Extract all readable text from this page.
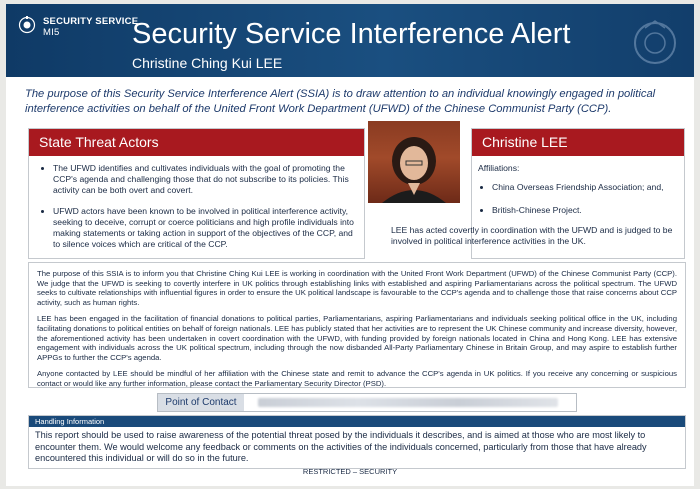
SECURITY SERVICE
MI5	Security Service Interference Alert
Christine Ching Kui LEE
The purpose of this Security Service Interference Alert (SSIA) is to draw attention to an individual knowingly engaged in political interference activities on behalf of the United Front Work Department (UFWD) of the Chinese Communist Party (CCP).
State Threat Actors
• The UFWD identifies and cultivates individuals with the goal of promoting the CCP's agenda and challenging those that do not subscribe to its policies. This activity can be both overt and covert.
• UFWD actors have been known to be involved in political interference activity, seeking to deceive, corrupt or coerce politicians and high profile individuals into making statements or taking action in support of the objectives of the CCP, and to silence voices which are critical of the CCP.
Christine LEE
Affiliations:
• China Overseas Friendship Association; and,
• British-Chinese Project.
LEE has acted covertly in coordination with the UFWD and is judged to be involved in political interference activities in the UK.

The purpose of this SSIA is to inform you that Christine Ching Kui LEE is working in coordination with the United Front Work Department (UFWD) of the Chinese Communist Party (CCP). We judge that the UFWD is seeking to covertly interfere in UK politics through establishing links with established and aspiring Parliamentarians across the political spectrum. The UFWD seeks to cultivate relationships with influential figures in order to ensure the UK political landscape is favourable to the CCP's agenda and to challenge those that raise concerns about CCP activity, such as human rights.

LEE has been engaged in the facilitation of financial donations to political parties, Parliamentarians, aspiring Parliamentarians and individuals seeking political office in the UK, including facilitating donations to political entities on behalf of foreign nationals. LEE has publicly stated that her activities are to represent the UK Chinese community and increase diversity, however, the aforementioned activity has been undertaken in covert coordination with the UFWD, with funding provided by foreign nationals located in China and Hong Kong. LEE has extensive engagement with individuals across the UK political spectrum, including through the now disbanded All-Party Parliamentary Chinese in Britain Group, and may aspire to establish further APPGs to further the CCP's agenda.

Anyone contacted by LEE should be mindful of her affiliation with the Chinese state and remit to advance the CCP's agenda in UK politics. If you receive any concerning or suspicious contact or would like any further information, please contact the Parliamentary Security Director (PSD).

Point of Contact
Handling Information
This report should be used to raise awareness of the potential threat posed by the individuals it describes, and is aimed at those who are most likely to encounter them. We would welcome any feedback or comments on the activities of the individuals concerned, particularly from those that have already encountered this individual or will do so in the future.
RESTRICTED – SECURITY
